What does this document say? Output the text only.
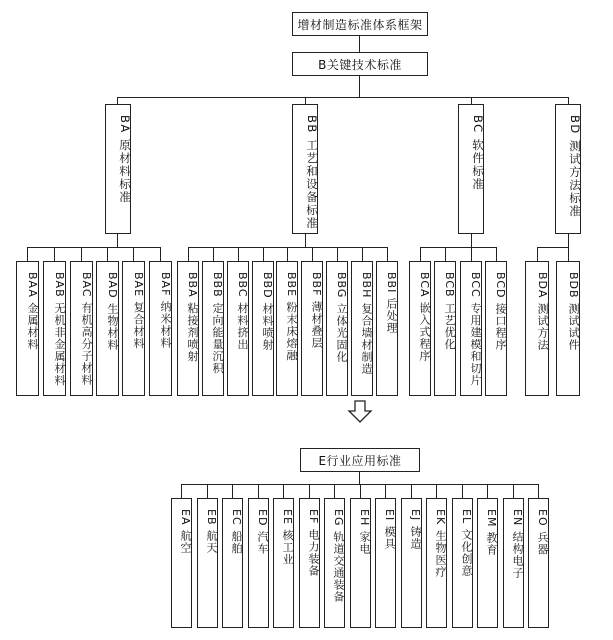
增材制造标准体系框架
B关键技术标准
BA 原材料标准	BB 工艺和设备标准	BC 软件标准	BD 测试方法标准
BAA 金属材料 BAB 无机非金属材料 BAC 有机高分子材料 BAD 生物材料 BAE 复合材料 BAF 纳米材料 BBA 粘接剂喷射 BBB 定向能量沉积 BBC 材料挤出 BBD 材料喷射 BBE 粉末床熔融 BBF 薄材叠层 BBG 立体光固化 BBH 复合墙材制造 BBI 后处理 BCA 嵌入式程序 BCB 工艺优化 BCC 专用建模和切片 BCD 接口程序	BDA 测试方法 BDB 测试试件
E行业应用标准
EA 航空 EB 航天 EC 船舶 ED 汽车 EE 核工业 EF 电力装备 EG 轨道交通装备 EH 家电 EI 模具 EJ 铸造 EK 生物医疗 EL 文化创意 EM 教育 EN 结构电子 EO 兵器
